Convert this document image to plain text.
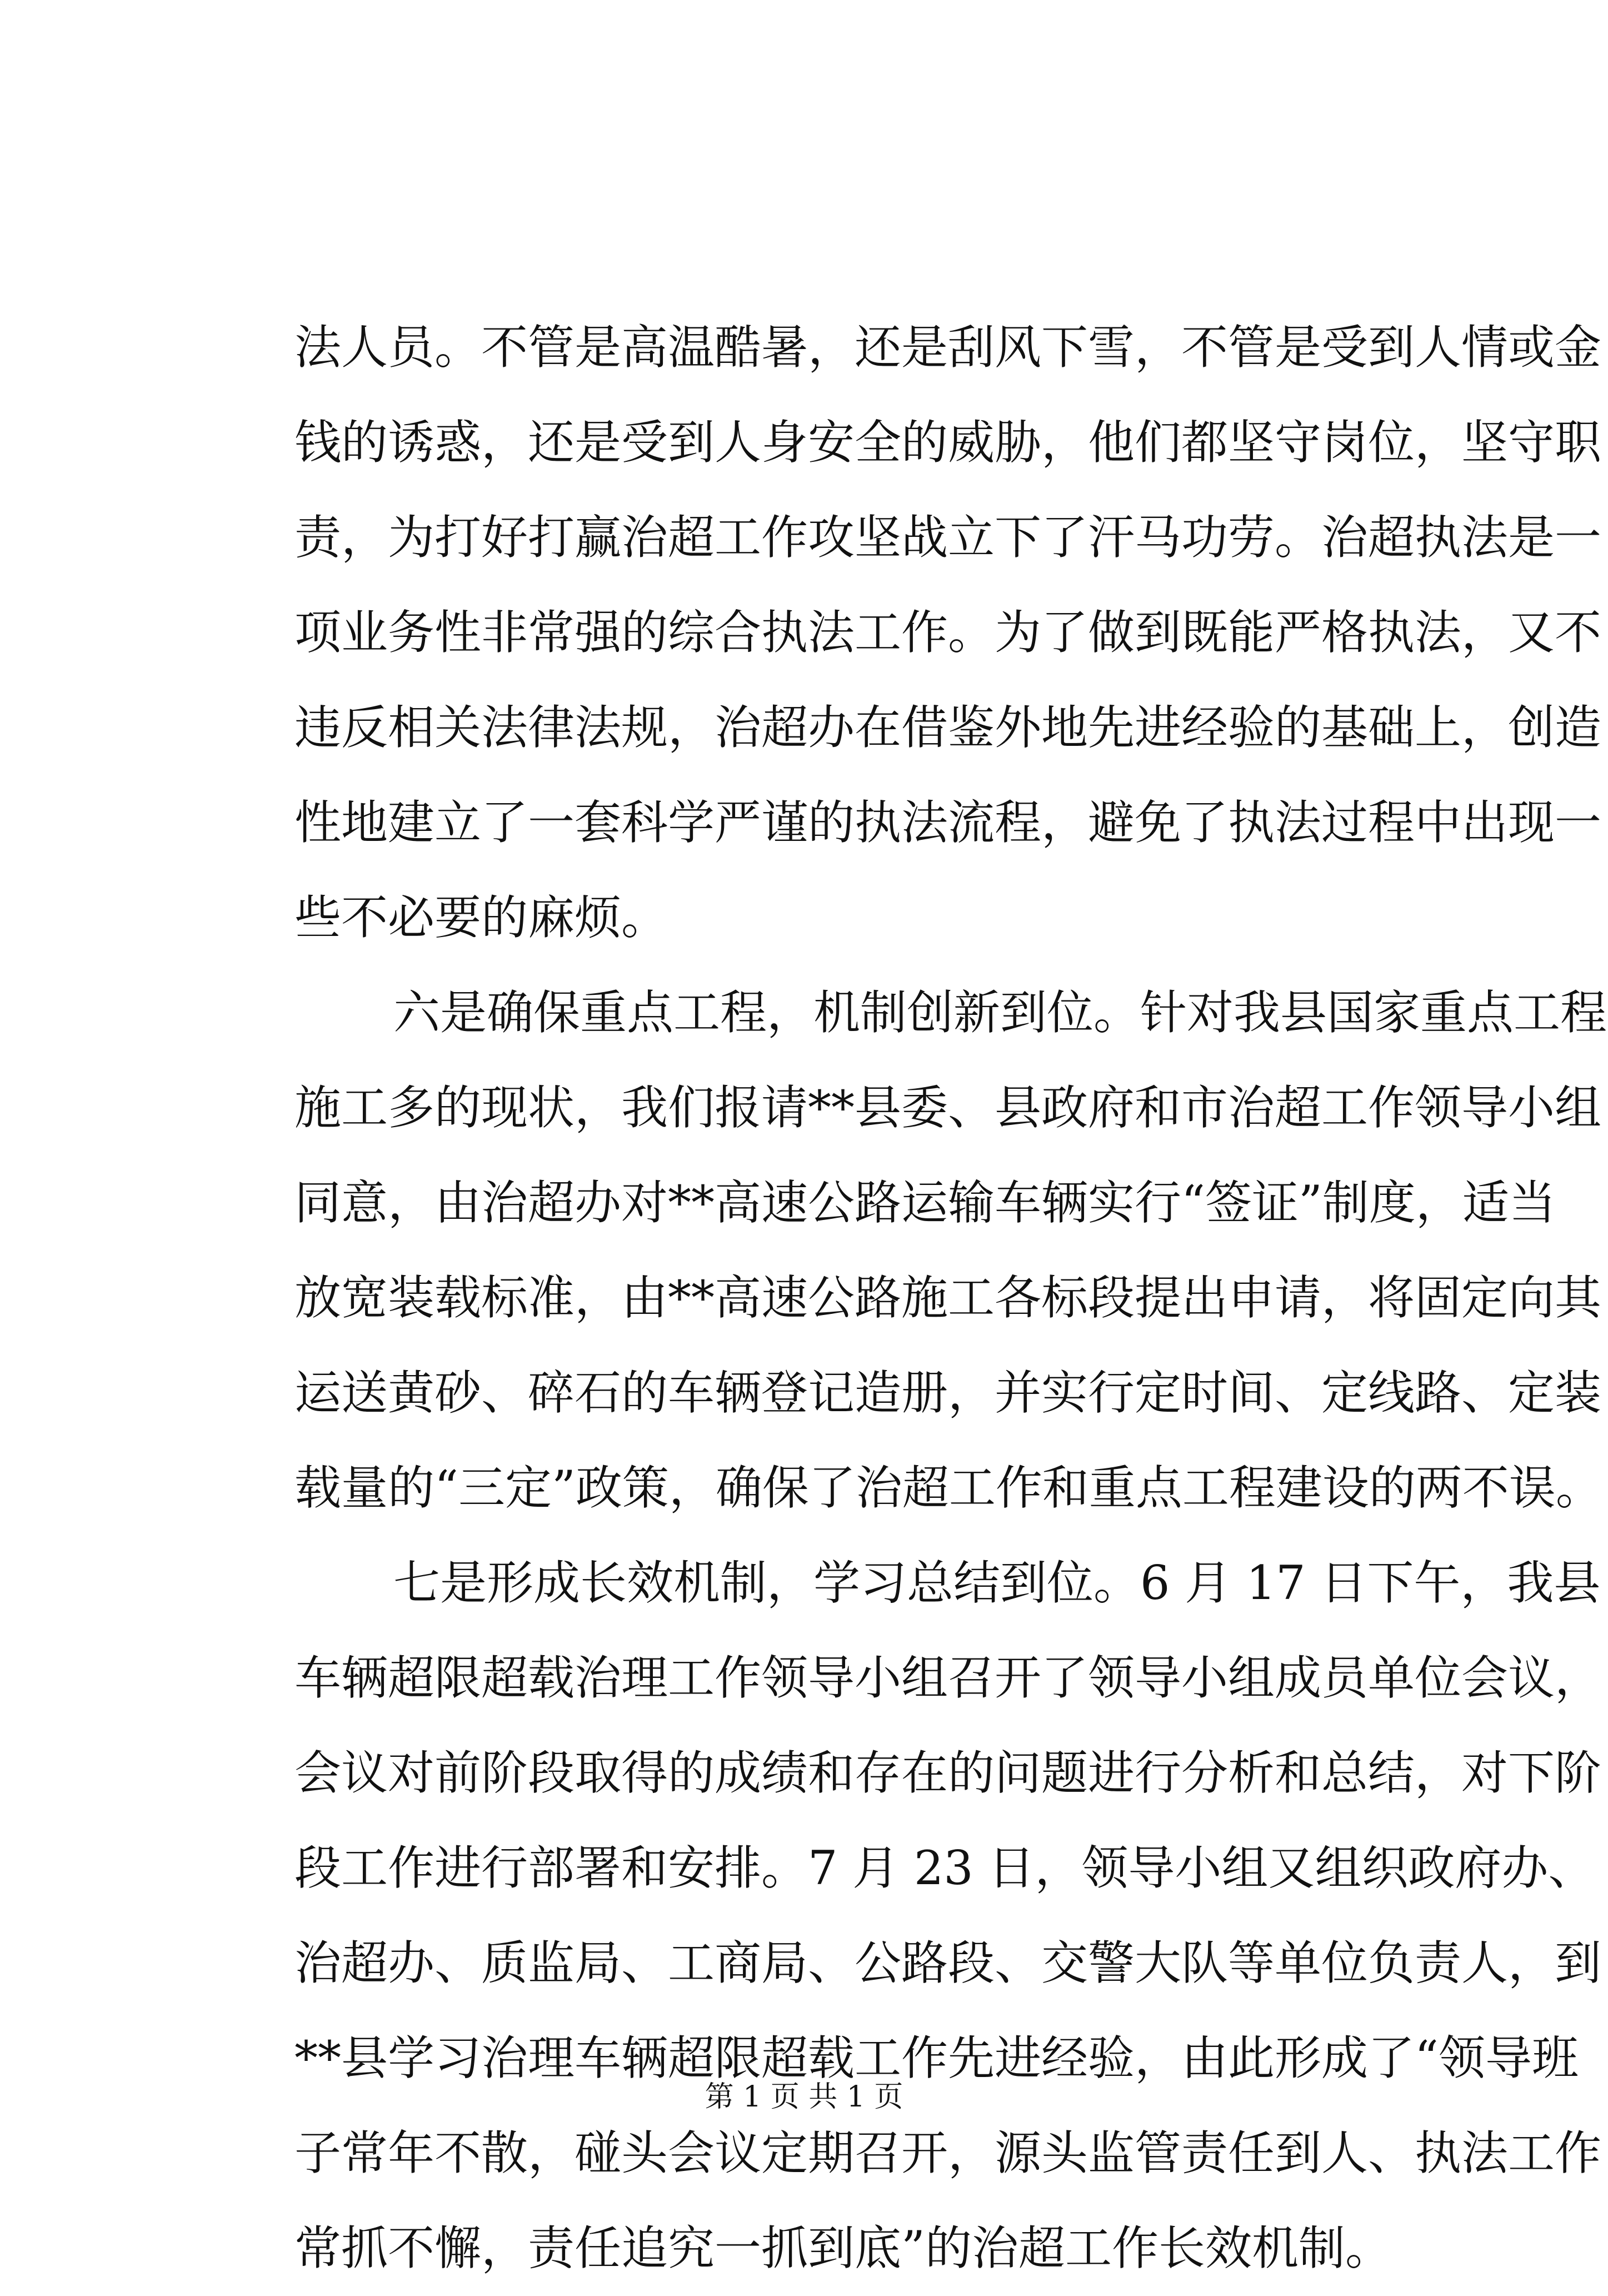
法人员。不管是高温酷暑，还是刮风下雪，不管是受到人情或金
钱的诱惑，还是受到人身安全的威胁，他们都坚守岗位，坚守职
责，为打好打赢治超工作攻坚战立下了汗马功劳。治超执法是一
项业务性非常强的综合执法工作。为了做到既能严格执法，又不
违反相关法律法规，治超办在借鉴外地先进经验的基础上，创造
性地建立了一套科学严谨的执法流程，避免了执法过程中出现一
些不必要的麻烦。
六是确保重点工程，机制创新到位。针对我县国家重点工程
施工多的现状，我们报请**县委、县政府和市治超工作领导小组
同意，由治超办对**高速公路运输车辆实行“签证”制度，适当
放宽装载标准，由**高速公路施工各标段提出申请，将固定向其
运送黄砂、碎石的车辆登记造册，并实行定时间、定线路、定装
载量的“三定”政策，确保了治超工作和重点工程建设的两不误。
七是形成长效机制，学习总结到位。6 月 17 日下午，我县
车辆超限超载治理工作领导小组召开了领导小组成员单位会议，
会议对前阶段取得的成绩和存在的问题进行分析和总结，对下阶
段工作进行部署和安排。7 月 23 日，领导小组又组织政府办、
治超办、质监局、工商局、公路段、交警大队等单位负责人，到
**县学习治理车辆超限超载工作先进经验，由此形成了“领导班
子常年不散，碰头会议定期召开，源头监管责任到人、执法工作
常抓不懈，责任追究一抓到底”的治超工作长效机制。
第 1 页 共 1 页
